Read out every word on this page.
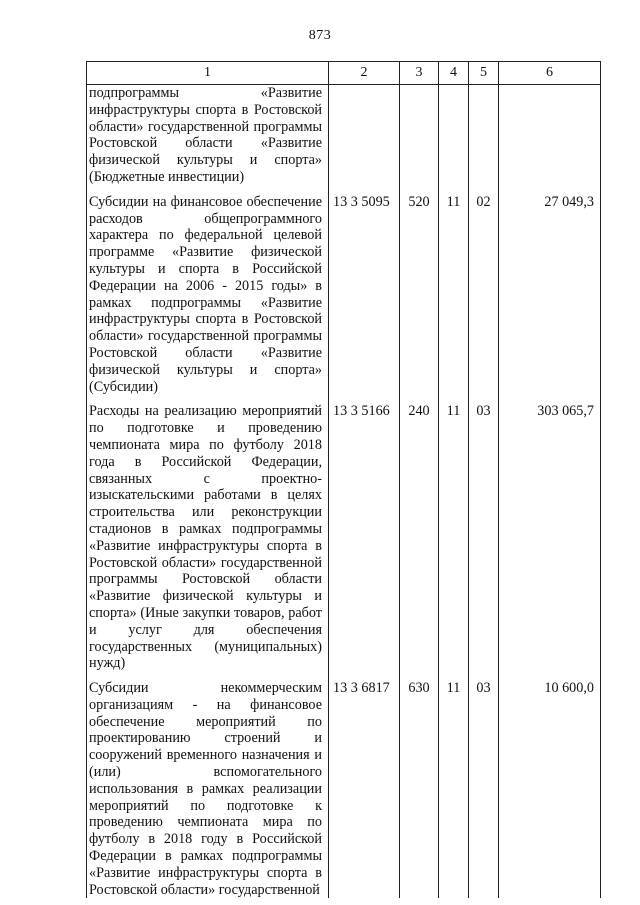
873
1	2	3	4	5	6
подпрограммы «Развитие инфраструктуры спорта в Ростовской области» государственной программы Ростовской области «Развитие физической культуры и спорта» (Бюджетные инвестиции)					

Субсидии на финансовое обеспечение расходов общепрограммного характера по федеральной целевой программе «Развитие физической культуры и спорта в Российской Федерации на 2006 - 2015 годы» в рамках подпрограммы «Развитие инфраструктуры спорта в Ростовской области» государственной программы Ростовской области «Развитие физической культуры и спорта» (Субсидии)	13 3 5095	520	11	02	27 049,3

Расходы на реализацию мероприятий по подготовке и проведению чемпионата мира по футболу 2018 года в Российской Федерации, связанных с проектно-изыскательскими работами в целях строительства или реконструкции стадионов в рамках подпрограммы «Развитие инфраструктуры спорта в Ростовской области» государственной программы Ростовской области «Развитие физической культуры и спорта» (Иные закупки товаров, работ и услуг для обеспечения государственных (муниципальных) нужд)	13 3 5166	240	11	03	303 065,7

Субсидии некоммерческим организациям - на финансовое обеспечение мероприятий по проектированию строений и сооружений временного назначения и (или) вспомогательного использования в рамках реализации мероприятий по подготовке к проведению чемпионата мира по футболу в 2018 году в Российской Федерации в рамках подпрограммы «Развитие инфраструктуры спорта в Ростовской области» государственной	13 3 6817	630	11	03	10 600,0
